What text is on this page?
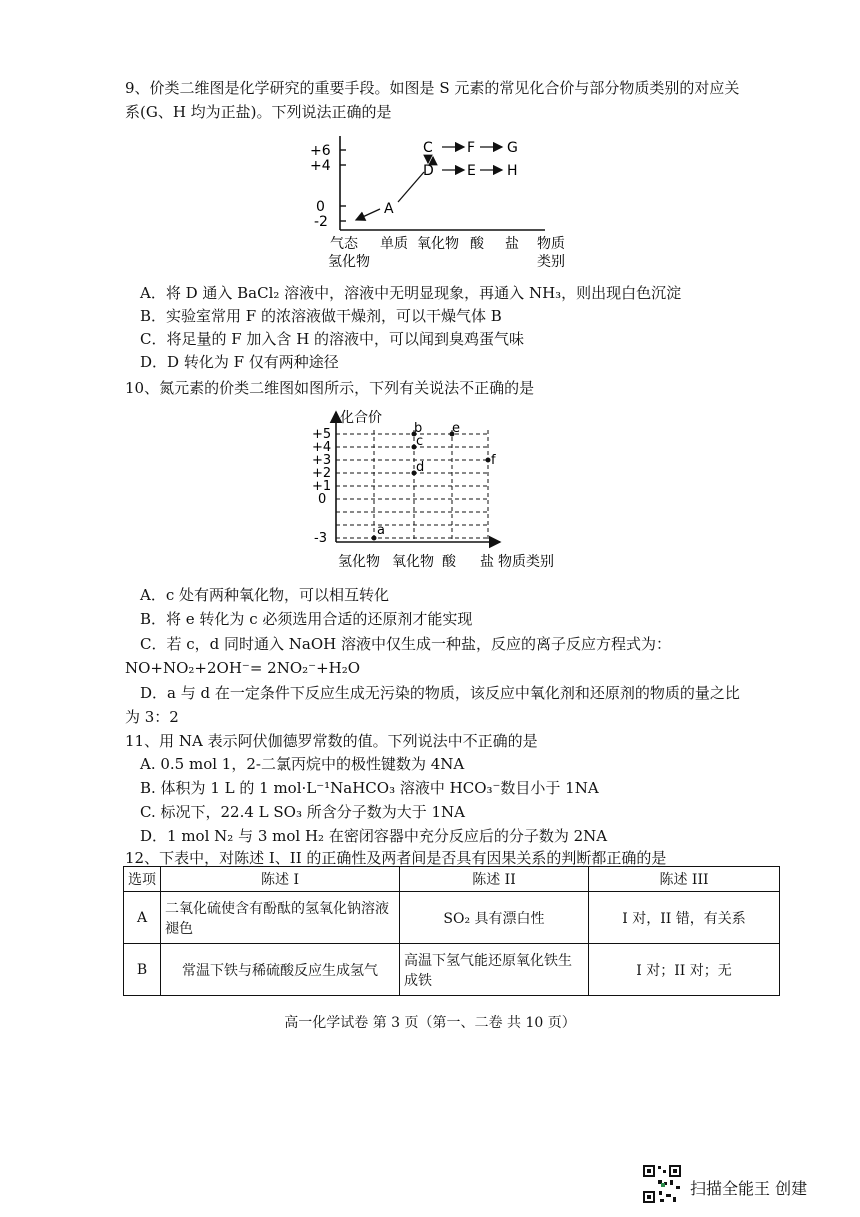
9、价类二维图是化学研究的重要手段。如图是 S 元素的常见化合价与部分物质类别的对应关
系(G、H 均为正盐)。下列说法正确的是
+6
+4
0
-2
气态
氢化物
单质 氧化物 酸 盐 物质
类别
A
C
D
F
E
G
H
A．将 D 通入 BaCl₂ 溶液中，溶液中无明显现象，再通入 NH₃，则出现白色沉淀
B．实验室常用 F 的浓溶液做干燥剂，可以干燥气体 B
C．将足量的 F 加入含 H 的溶液中，可以闻到臭鸡蛋气味
D．D 转化为 F 仅有两种途径
10、氮元素的价类二维图如图所示，下列有关说法不正确的是
化合价
+5
+4
+3
+2
+1
0
-3
a
b
c
d
e
f
氢化物 氧化物 酸 盐 物质类别
A．c 处有两种氧化物，可以相互转化
B．将 e 转化为 c 必须选用合适的还原剂才能实现
C．若 c，d 同时通入 NaOH 溶液中仅生成一种盐，反应的离子反应方程式为：
NO+NO₂+2OH⁻= 2NO₂⁻+H₂O
D．a 与 d 在一定条件下反应生成无污染的物质，该反应中氧化剂和还原剂的物质的量之比
为 3：2
11、用 NA 表示阿伏伽德罗常数的值。下列说法中不正确的是
A. 0.5 mol 1，2-二氯丙烷中的极性键数为 4NA
B. 体积为 1 L 的 1 mol·L⁻¹NaHCO₃ 溶液中 HCO₃⁻数目小于 1NA
C. 标况下，22.4 L SO₃ 所含分子数为大于 1NA
D．1 mol N₂ 与 3 mol H₂ 在密闭容器中充分反应后的分子数为 2NA
12、下表中，对陈述 I、II 的正确性及两者间是否具有因果关系的判断都正确的是
选项	陈述 I	陈述 II	陈述 III
A	二氧化硫使含有酚酞的氢氧化钠溶液褪色	SO₂ 具有漂白性	I 对，II 错，有关系
B	常温下铁与稀硫酸反应生成氢气	高温下氢气能还原氧化铁生成铁	I 对；II 对；无
高一化学试卷 第 3 页（第一、二卷 共 10 页）
扫描全能王 创建
